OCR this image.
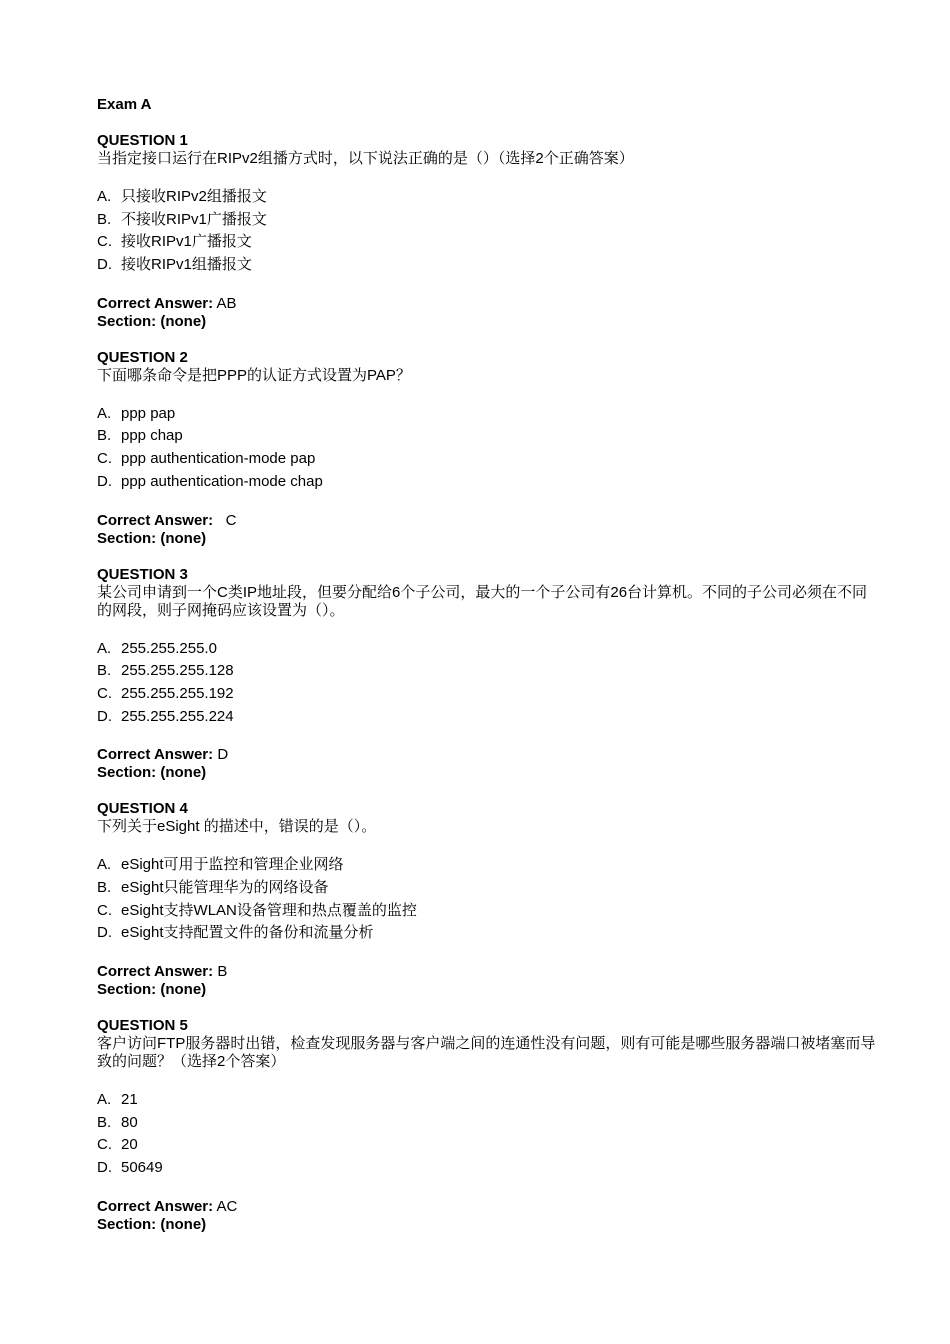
Exam A
QUESTION 1
当指定接口运行在RIPv2组播方式时，以下说法正确的是（）（选择2个正确答案）
A. 只接收RIPv2组播报文
B. 不接收RIPv1广播报文
C. 接收RIPv1广播报文
D. 接收RIPv1组播报文
Correct Answer: AB
Section: (none)
QUESTION 2
下面哪条命令是把PPP的认证方式设置为PAP？
A. ppp pap
B. ppp chap
C. ppp authentication-mode pap
D. ppp authentication-mode chap
Correct Answer:   C
Section: (none)
QUESTION 3
某公司申请到一个C类IP地址段，但要分配给6个子公司，最大的一个子公司有26台计算机。不同的子公司必须在不同的网段，则子网掩码应该设置为（）。
A. 255.255.255.0
B. 255.255.255.128
C. 255.255.255.192
D. 255.255.255.224
Correct Answer: D
Section: (none)
QUESTION 4
下列关于eSight 的描述中，错误的是（）。
A. eSight可用于监控和管理企业网络
B. eSight只能管理华为的网络设备
C. eSight支持WLAN设备管理和热点覆盖的监控
D. eSight支持配置文件的备份和流量分析
Correct Answer: B
Section: (none)
QUESTION 5
客户访问FTP服务器时出错，检查发现服务器与客户端之间的连通性没有问题，则有可能是哪些服务器端口被堵塞而导致的问题？（选择2个答案）
A. 21
B. 80
C. 20
D. 50649
Correct Answer: AC
Section: (none)
